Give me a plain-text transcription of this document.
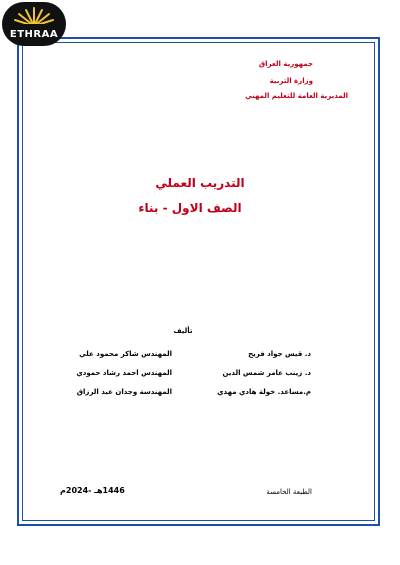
ETHRAA
جمهورية العراق
وزارة التربية
المديرية العامة للتعليم المهني
التدريب العملي
الصف الاول - بناء
تأليف
د. قيس جواد فريح
المهندس شاكر محمود علي
د. زينب عامر شمس الدين
المهندس احمد رشاد حمودي
م.مساعد. خولة هادي مهدي
المهندسة وجدان عبد الرزاق
الطبعة الخامسة
1446هـ -2024م
